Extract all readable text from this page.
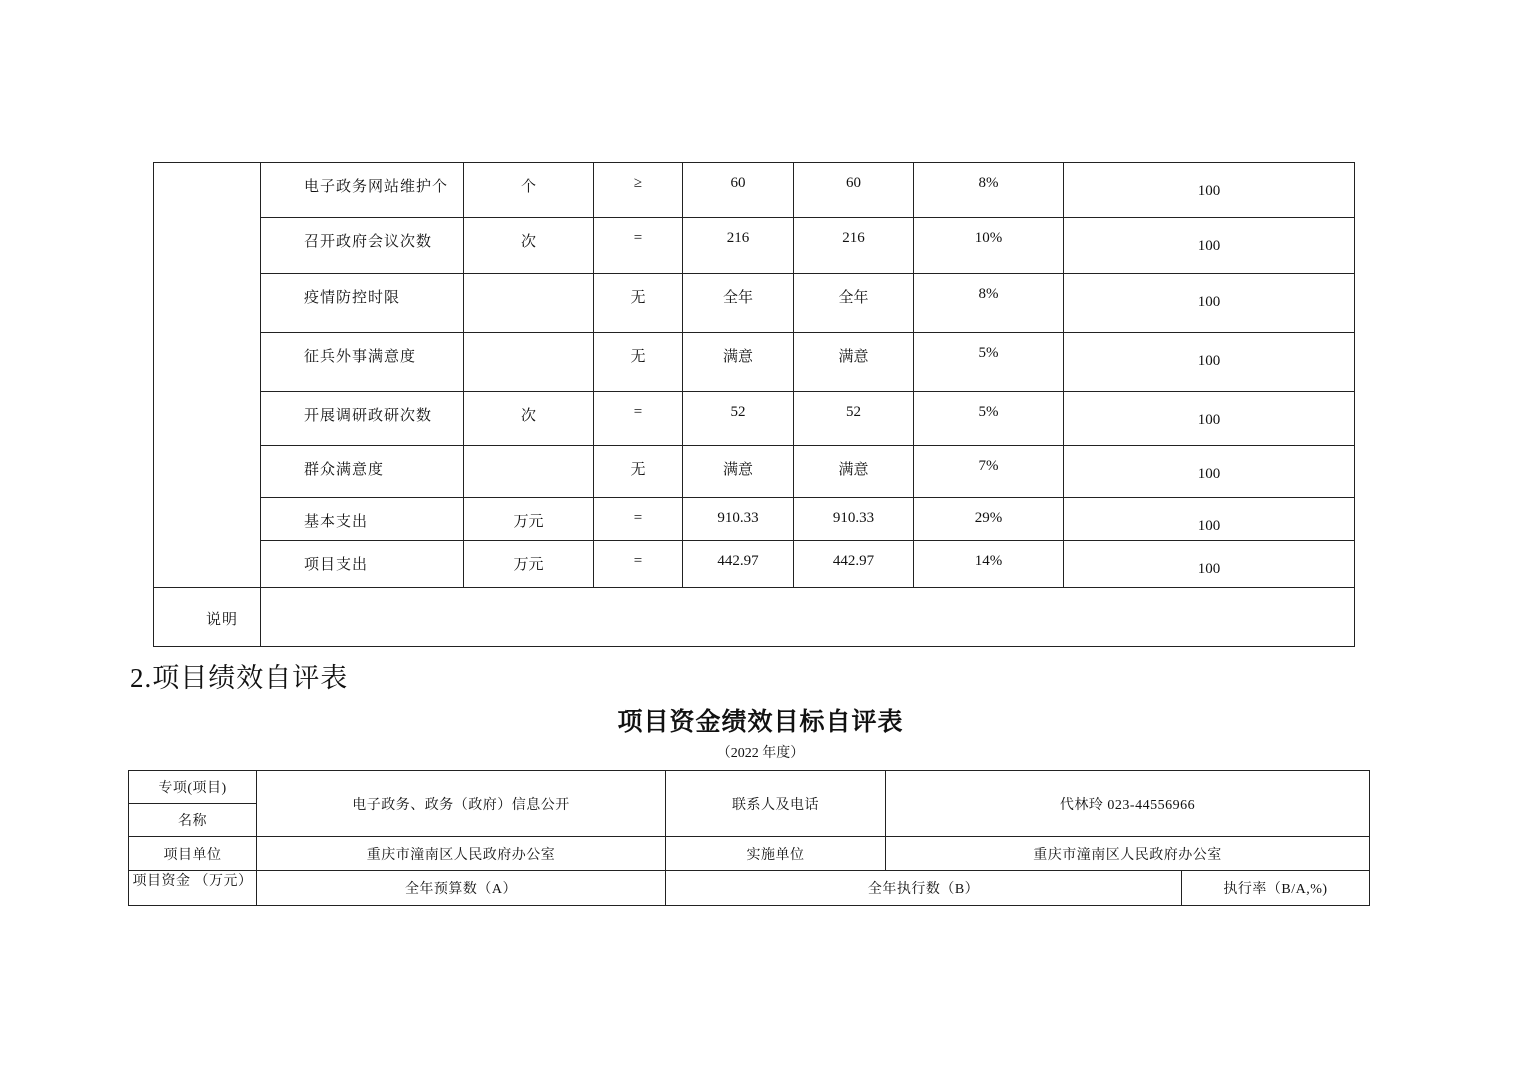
	电子政务网站维护个	个	≥	60	60	8%	100
	召开政府会议次数	次	=	216	216	10%	100
	疫情防控时限		无	全年	全年	8%	100
	征兵外事满意度		无	满意	满意	5%	100
	开展调研政研次数	次	=	52	52	5%	100
	群众满意度		无	满意	满意	7%	100
	基本支出	万元	=	910.33	910.33	29%	100
	项目支出	万元	=	442.97	442.97	14%	100
说明							
2.项目绩效自评表
项目资金绩效目标自评表
（2022 年度）
专项(项目)	电子政务、政务（政府）信息公开	联系人及电话	代林玲 023-44556966	
名称				
项目单位	重庆市潼南区人民政府办公室	实施单位	重庆市潼南区人民政府办公室	

项目资金 （万元）	全年预算数（A）	全年执行数（B）		执行率（B/A,%)
